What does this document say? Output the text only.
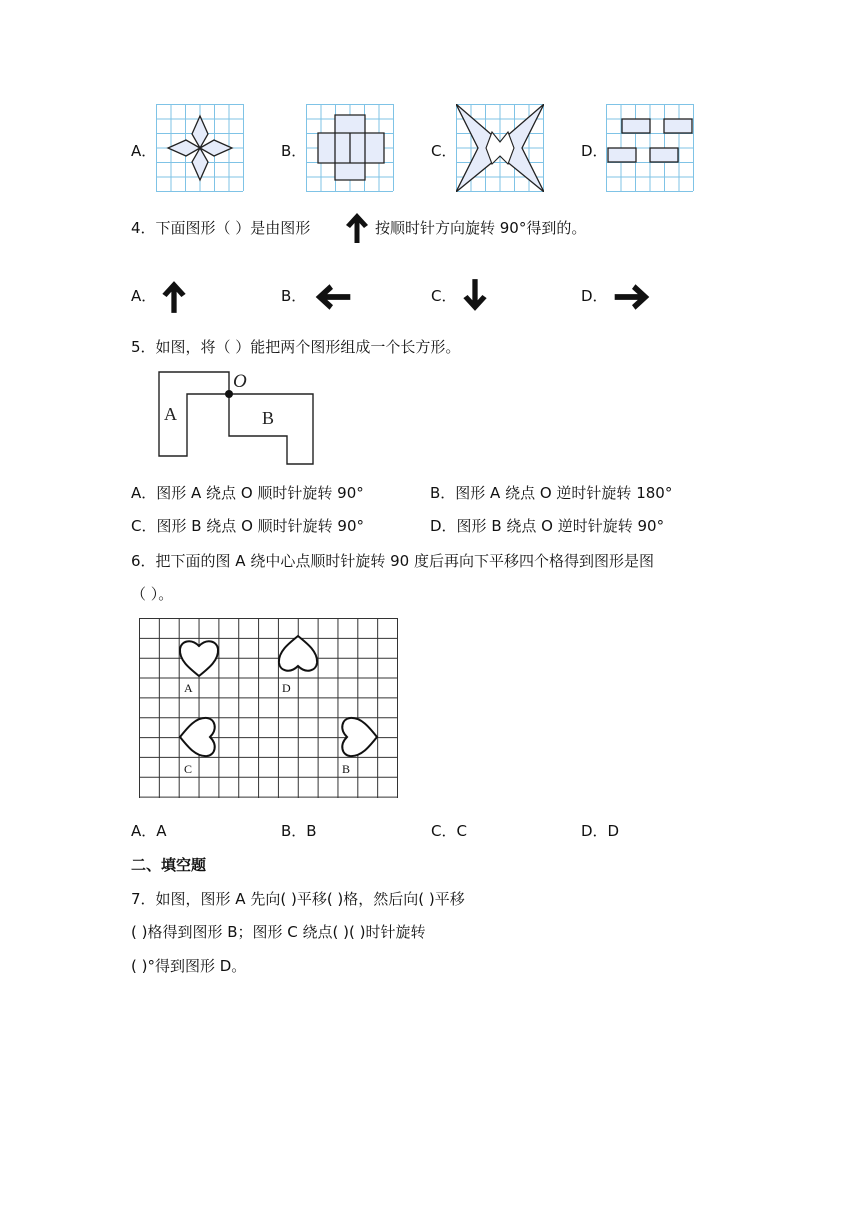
A．	B．	C．	D．
4．下面图形（ ）是由图形	按顺时针方向旋转 90°得到的。
A．	B．	C．	D．
5．如图，将（ ）能把两个图形组成一个长方形。
A	B
O
A．图形 A 绕点 O 顺时针旋转 90°	B．图形 A 绕点 O 逆时针旋转 180°
C．图形 B 绕点 O 顺时针旋转 90°	D．图形 B 绕点 O 逆时针旋转 90°
6．把下面的图 A 绕中心点顺时针旋转 90 度后再向下平移四个格得到图形是图
（ ）。
A	D
C	B
A．A	B．B	C．C	D．D
二、填空题
7．如图，图形 A 先向( )平移( )格，然后向( )平移
( )格得到图形 B；图形 C 绕点( )( )时针旋转
( )°得到图形 D。
